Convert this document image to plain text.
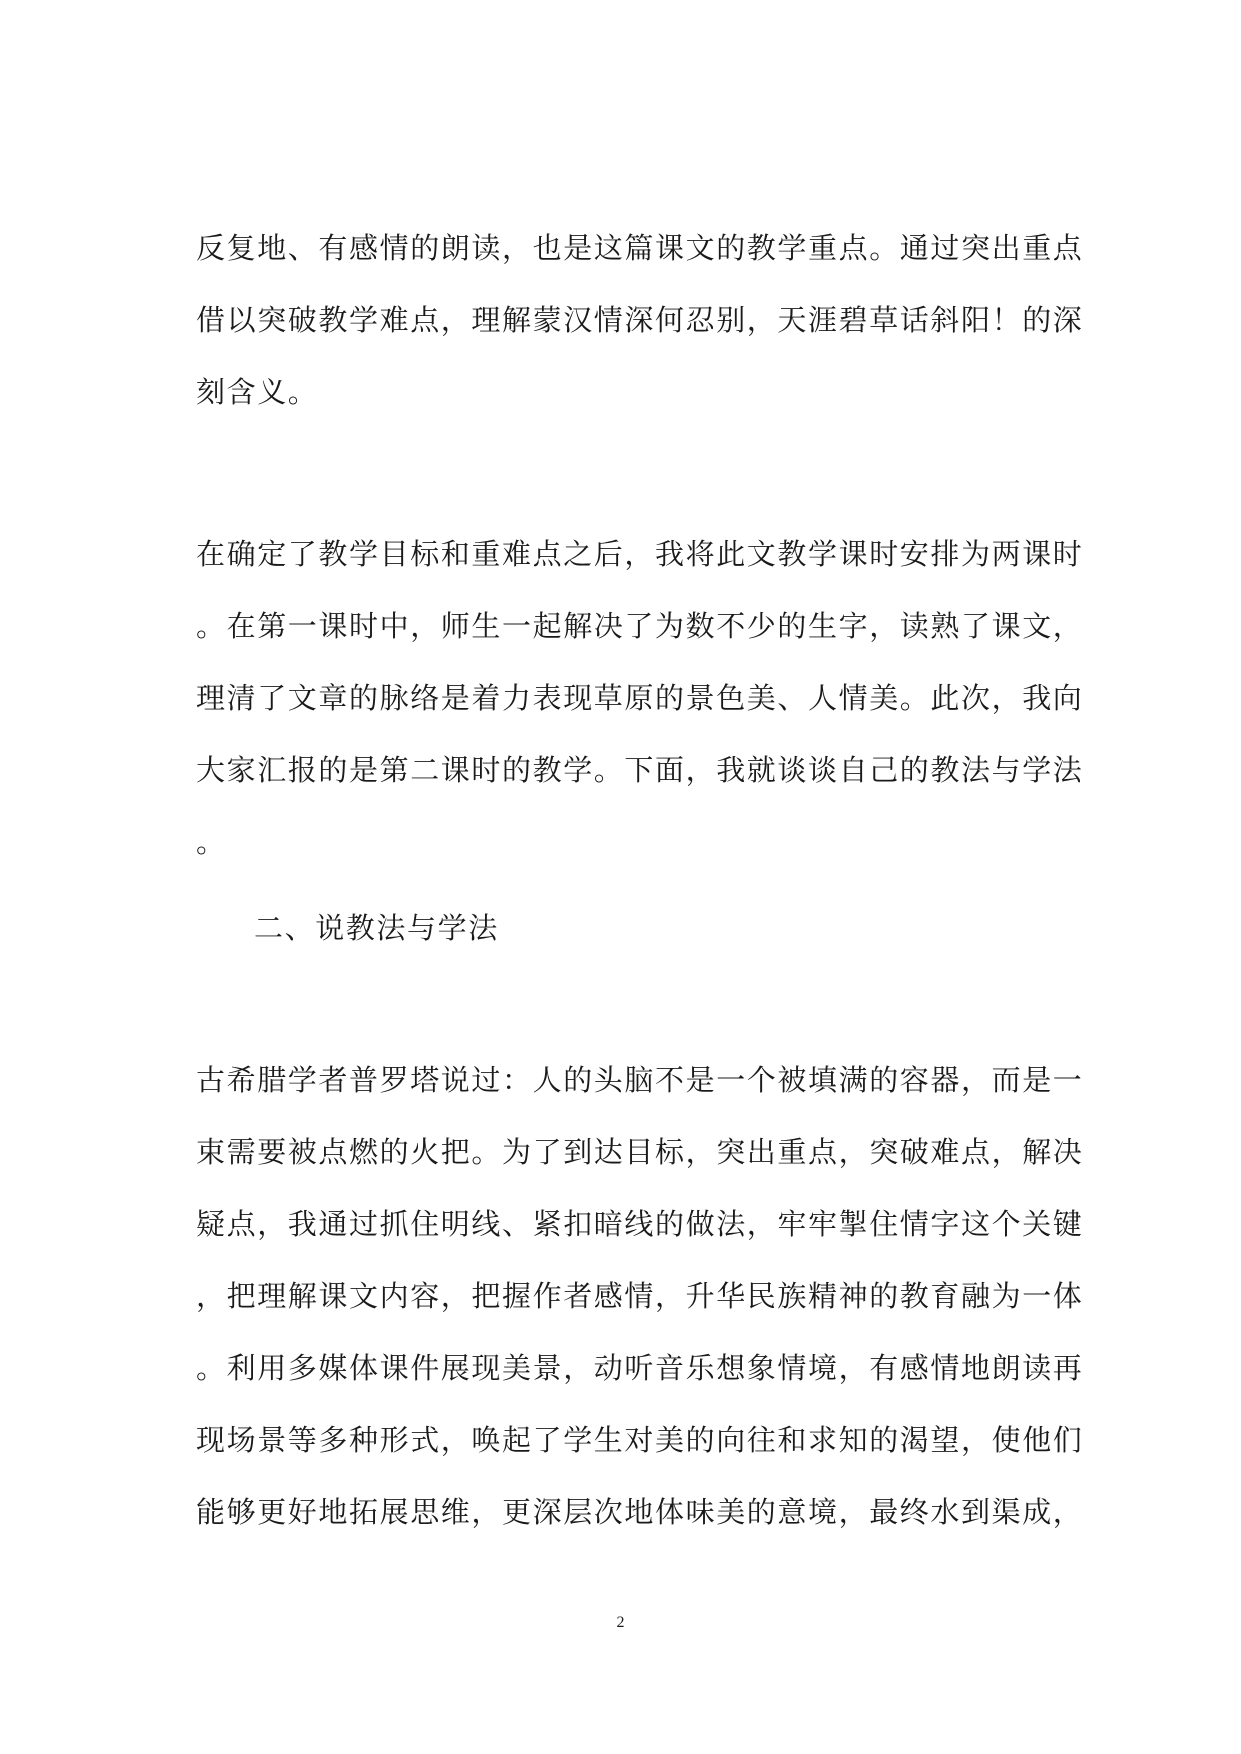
反复地、有感情的朗读，也是这篇课文的教学重点。通过突出重点
借以突破教学难点，理解蒙汉情深何忍别，天涯碧草话斜阳！的深
刻含义。
在确定了教学目标和重难点之后，我将此文教学课时安排为两课时
。在第一课时中，师生一起解决了为数不少的生字，读熟了课文，
理清了文章的脉络是着力表现草原的景色美、人情美。此次，我向
大家汇报的是第二课时的教学。下面，我就谈谈自己的教法与学法
。
二、说教法与学法
古希腊学者普罗塔说过：人的头脑不是一个被填满的容器，而是一
束需要被点燃的火把。为了到达目标，突出重点，突破难点，解决
疑点，我通过抓住明线、紧扣暗线的做法，牢牢掣住情字这个关键
，把理解课文内容，把握作者感情，升华民族精神的教育融为一体
。利用多媒体课件展现美景，动听音乐想象情境，有感情地朗读再
现场景等多种形式，唤起了学生对美的向往和求知的渴望，使他们
能够更好地拓展思维，更深层次地体味美的意境，最终水到渠成，
2
